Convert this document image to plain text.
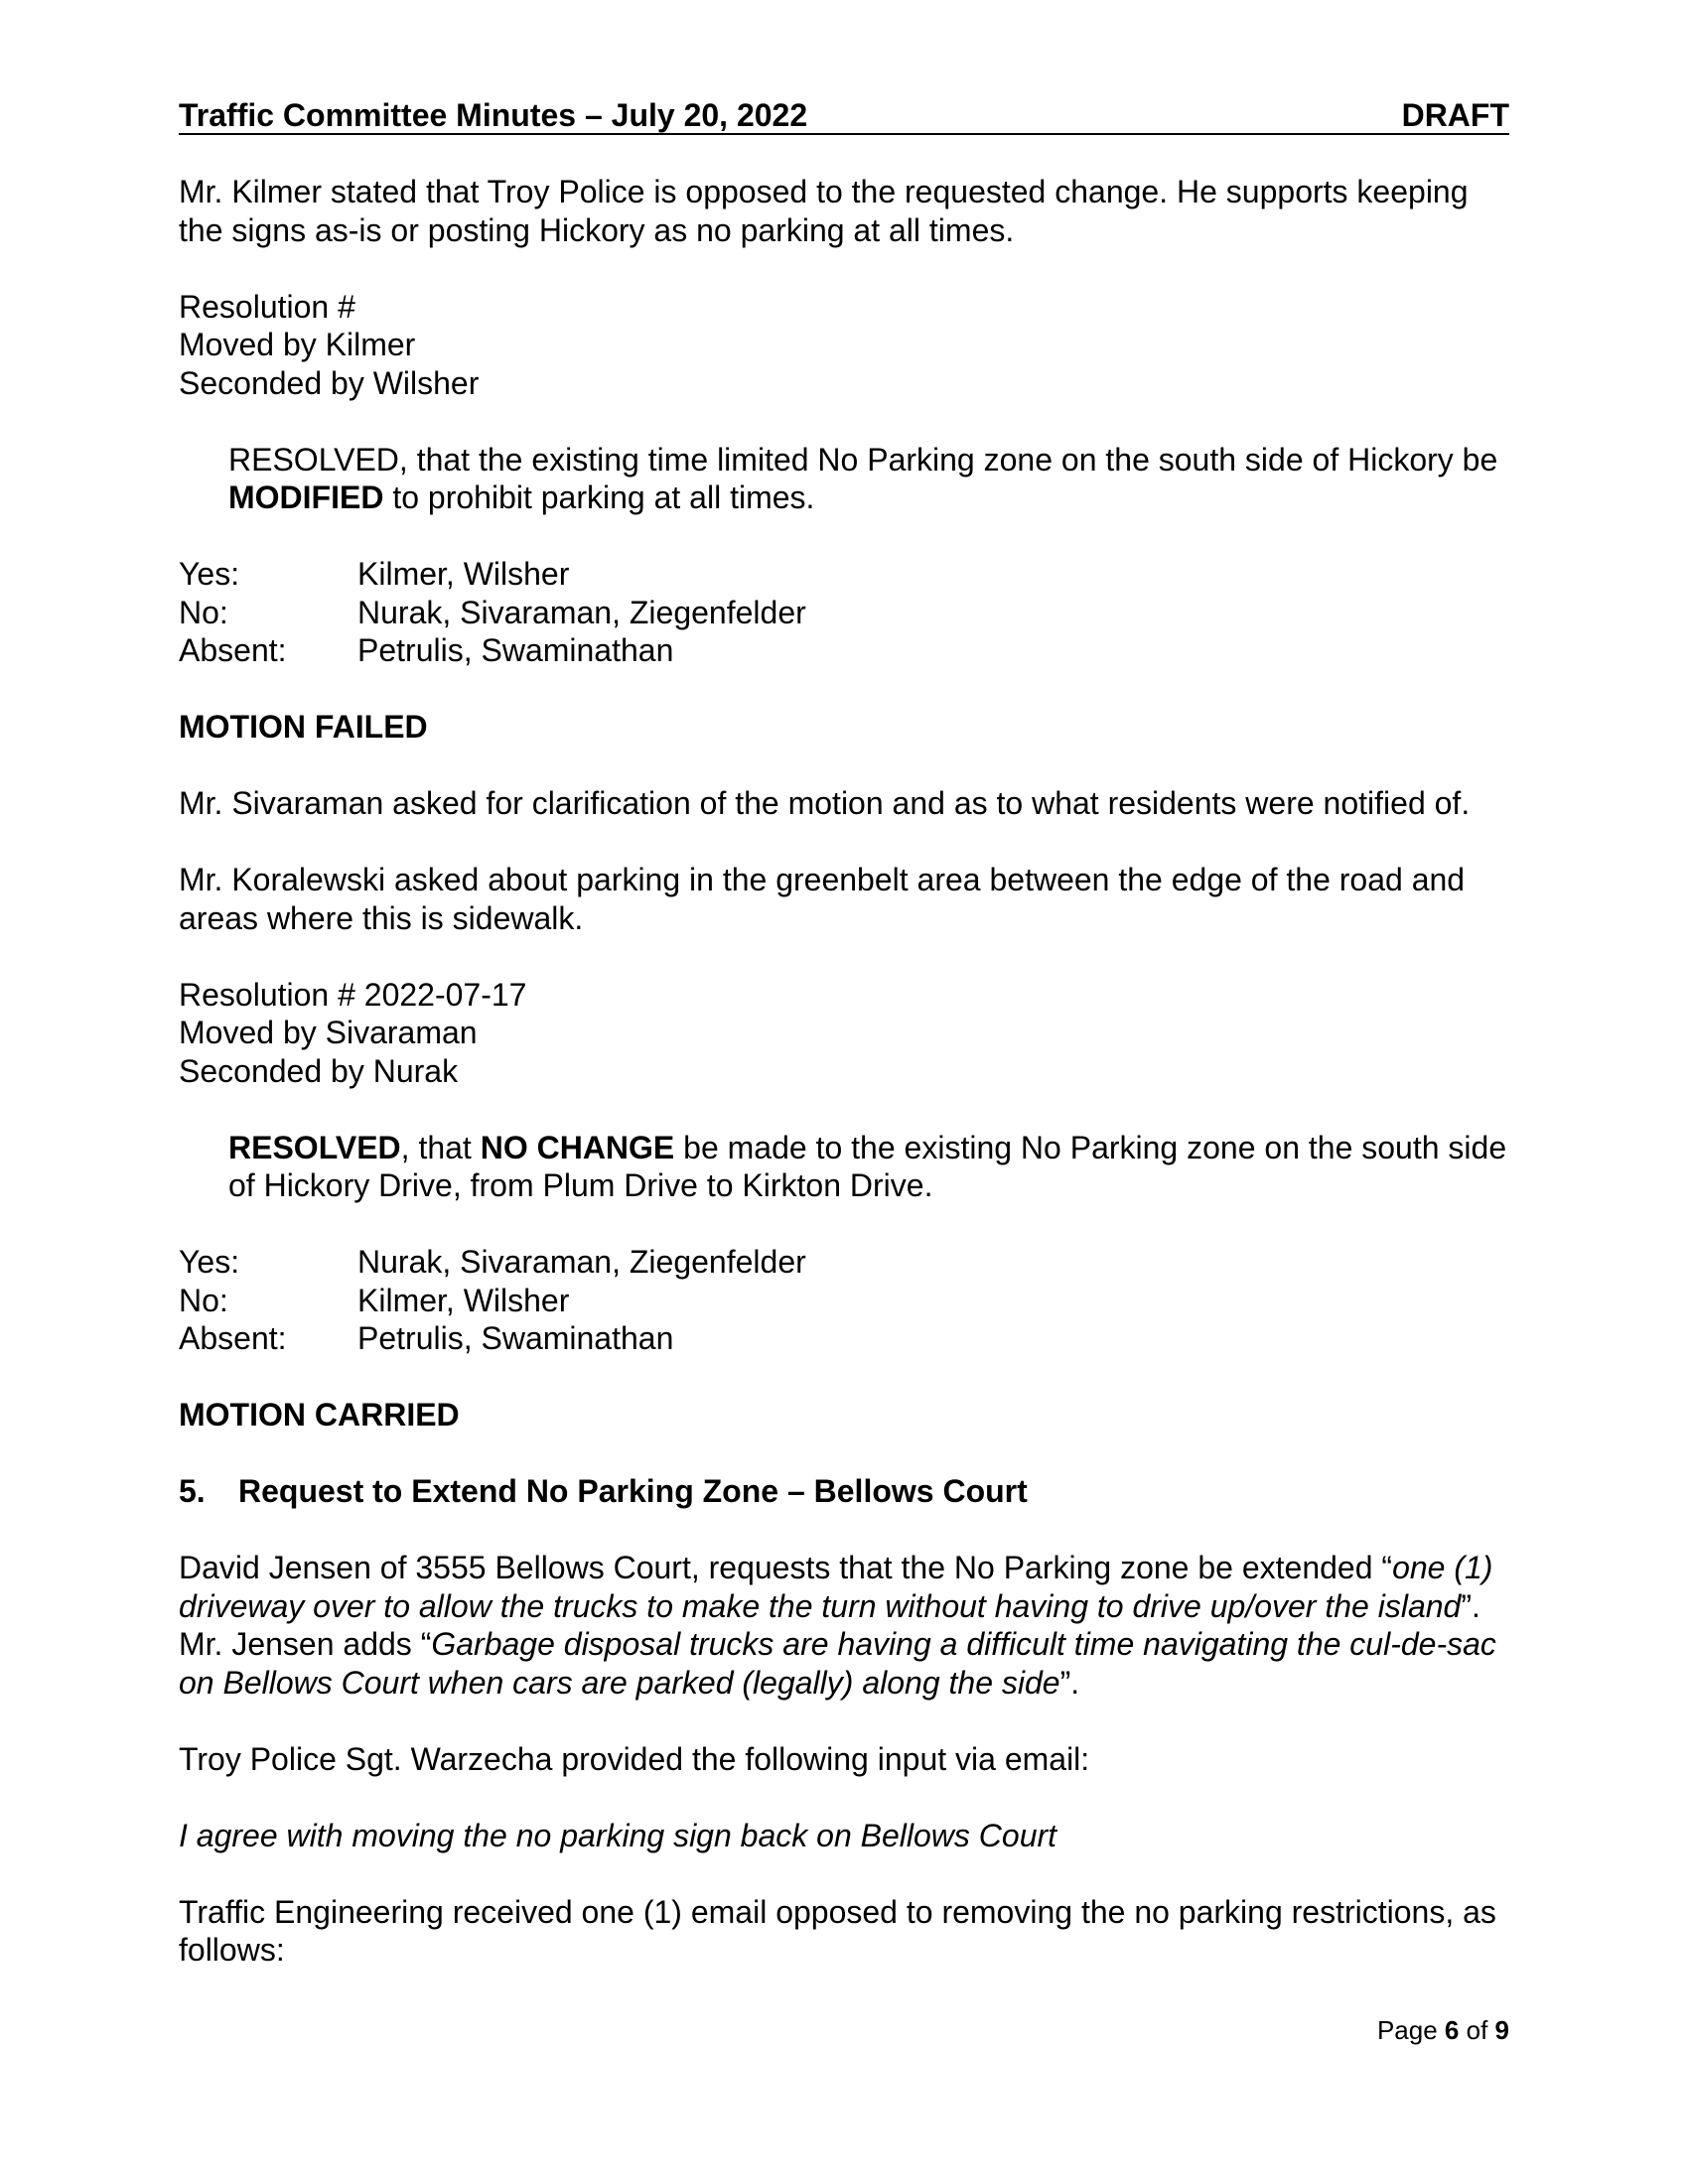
Traffic Committee Minutes – July 20, 2022	DRAFT

Mr. Kilmer stated that Troy Police is opposed to the requested change. He supports keeping the signs as-is or posting Hickory as no parking at all times.

Resolution #
Moved by Kilmer
Seconded by Wilsher

RESOLVED, that the existing time limited No Parking zone on the south side of Hickory be MODIFIED to prohibit parking at all times.

Yes:	Kilmer, Wilsher
No:	Nurak, Sivaraman, Ziegenfelder
Absent:	Petrulis, Swaminathan

MOTION FAILED

Mr. Sivaraman asked for clarification of the motion and as to what residents were notified of.

Mr. Koralewski asked about parking in the greenbelt area between the edge of the road and areas where this is sidewalk.

Resolution # 2022-07-17
Moved by Sivaraman
Seconded by Nurak

RESOLVED, that NO CHANGE be made to the existing No Parking zone on the south side of Hickory Drive, from Plum Drive to Kirkton Drive.

Yes:	Nurak, Sivaraman, Ziegenfelder
No:	Kilmer, Wilsher
Absent:	Petrulis, Swaminathan

MOTION CARRIED

5.	Request to Extend No Parking Zone – Bellows Court

David Jensen of 3555 Bellows Court, requests that the No Parking zone be extended “one (1) driveway over to allow the trucks to make the turn without having to drive up/over the island”. Mr. Jensen adds “Garbage disposal trucks are having a difficult time navigating the cul-de-sac on Bellows Court when cars are parked (legally) along the side”.

Troy Police Sgt. Warzecha provided the following input via email:

I agree with moving the no parking sign back on Bellows Court

Traffic Engineering received one (1) email opposed to removing the no parking restrictions, as follows:

Page 6 of 9
